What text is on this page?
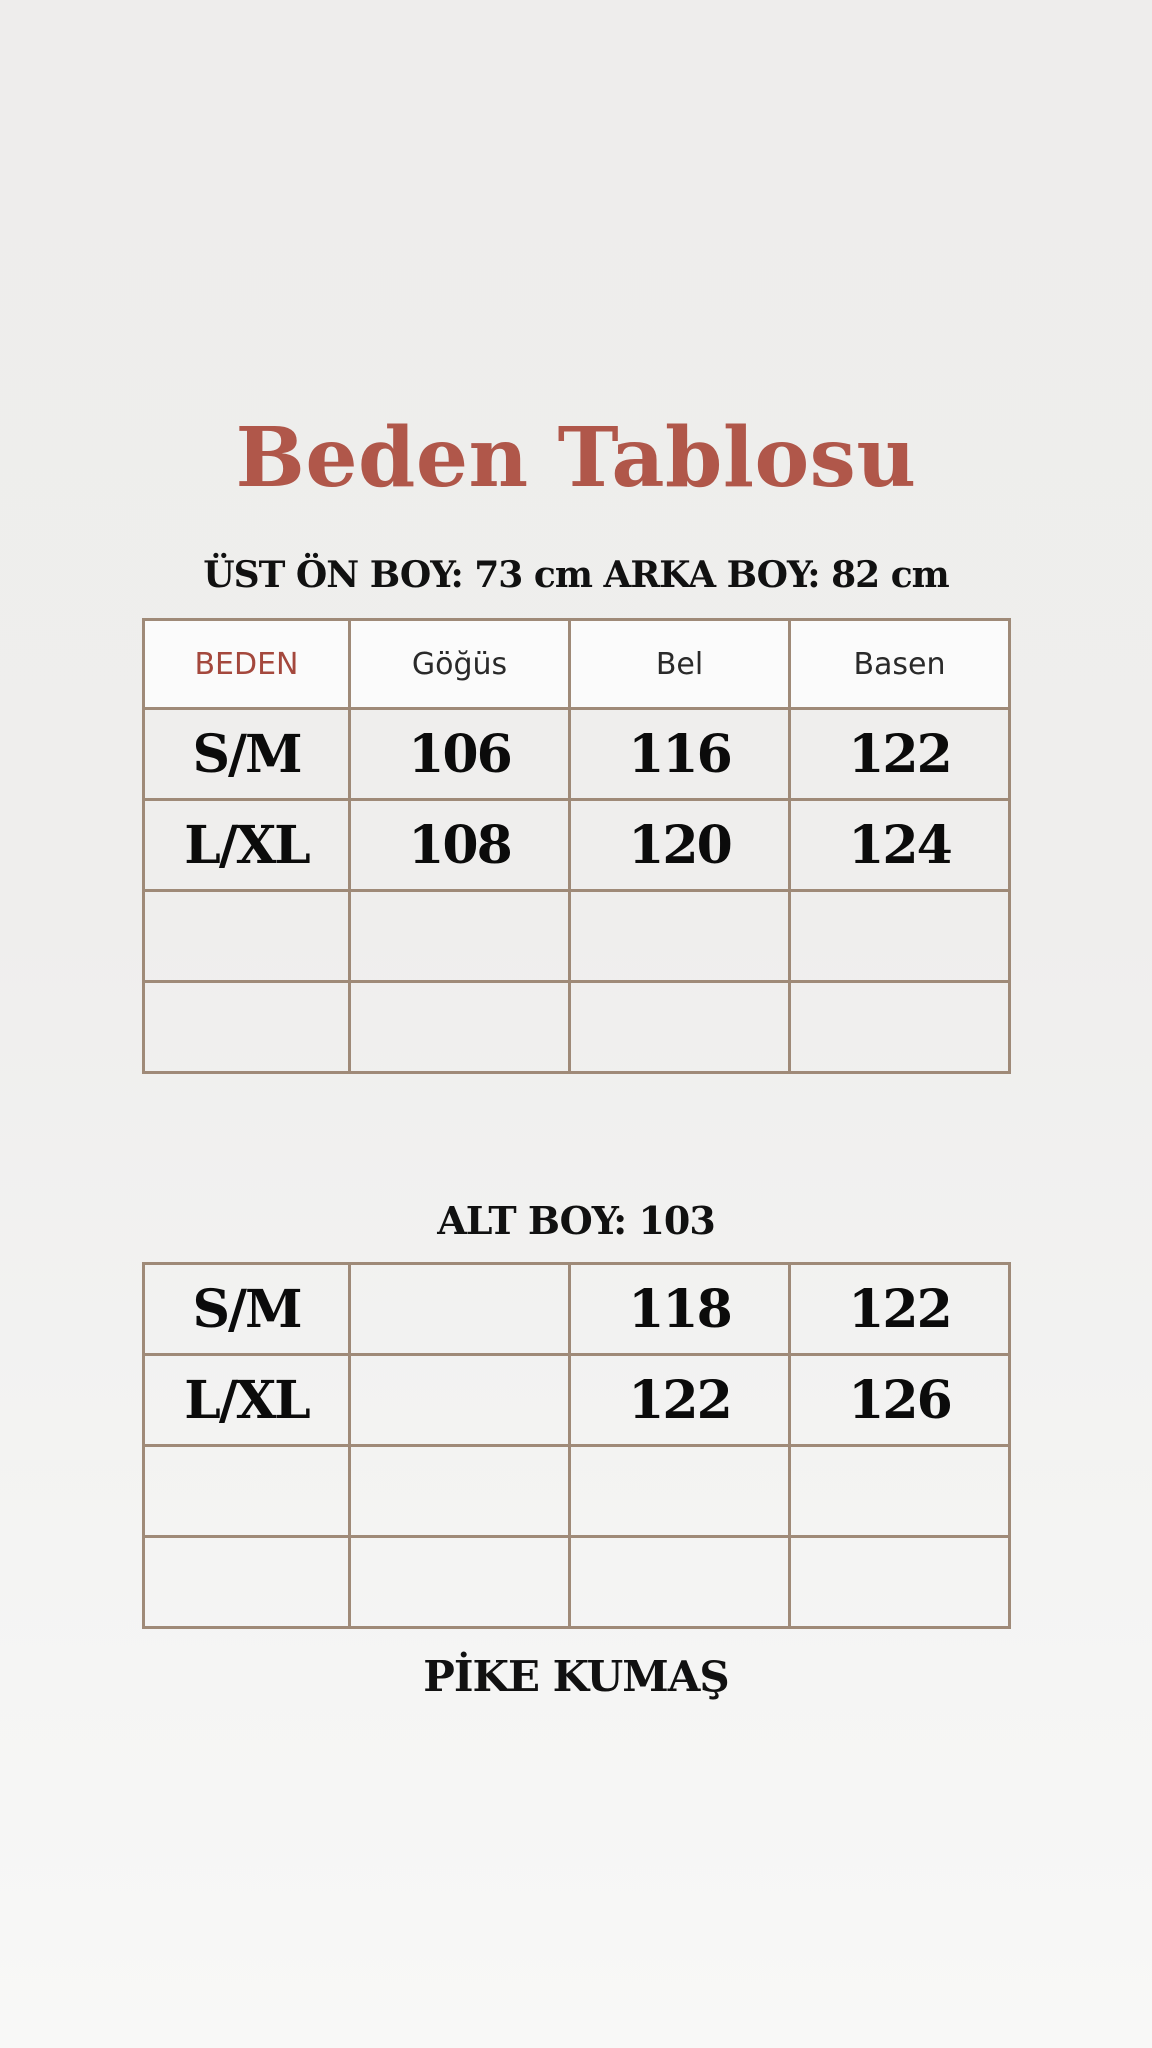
Beden Tablosu
ÜST ÖN BOY: 73 cm ARKA BOY: 82 cm
BEDEN	Göğüs	Bel	Basen
S/M	106	116	122
L/XL	108	120	124

ALT BOY: 103
S/M		118	122
L/XL		122	126

PİKE KUMAŞ
